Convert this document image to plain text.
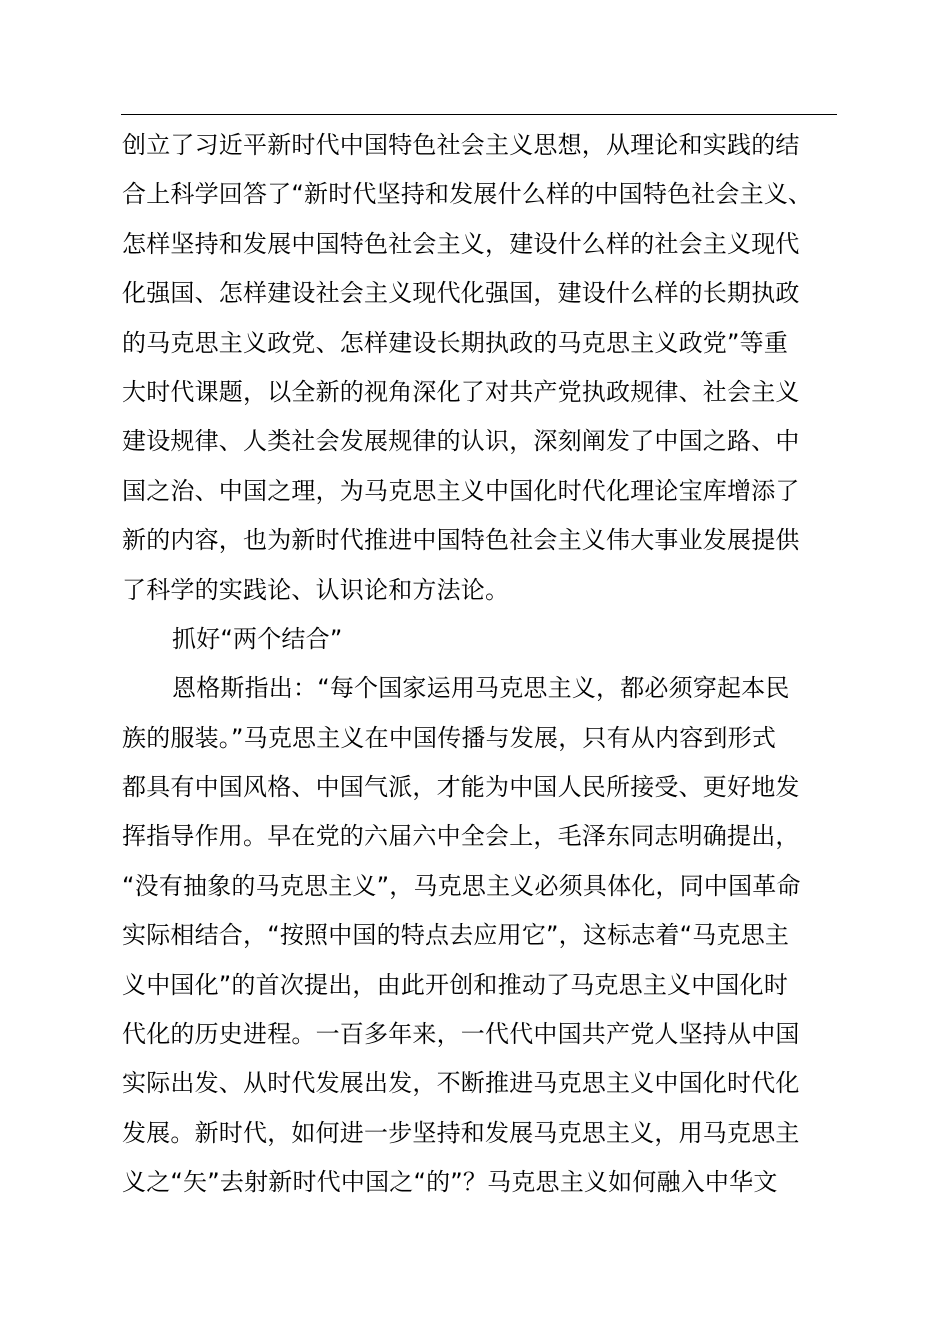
创立了习近平新时代中国特色社会主义思想，从理论和实践的结
合上科学回答了“新时代坚持和发展什么样的中国特色社会主义、
怎样坚持和发展中国特色社会主义，建设什么样的社会主义现代
化强国、怎样建设社会主义现代化强国，建设什么样的长期执政
的马克思主义政党、怎样建设长期执政的马克思主义政党”等重
大时代课题，以全新的视角深化了对共产党执政规律、社会主义
建设规律、人类社会发展规律的认识，深刻阐发了中国之路、中
国之治、中国之理，为马克思主义中国化时代化理论宝库增添了
新的内容，也为新时代推进中国特色社会主义伟大事业发展提供
了科学的实践论、认识论和方法论。
抓好“两个结合”
恩格斯指出：“每个国家运用马克思主义，都必须穿起本民
族的服装。”马克思主义在中国传播与发展，只有从内容到形式
都具有中国风格、中国气派，才能为中国人民所接受、更好地发
挥指导作用。早在党的六届六中全会上，毛泽东同志明确提出，
“没有抽象的马克思主义”，马克思主义必须具体化，同中国革命
实际相结合，“按照中国的特点去应用它”，这标志着“马克思主
义中国化”的首次提出，由此开创和推动了马克思主义中国化时
代化的历史进程。一百多年来，一代代中国共产党人坚持从中国
实际出发、从时代发展出发，不断推进马克思主义中国化时代化
发展。新时代，如何进一步坚持和发展马克思主义，用马克思主
义之“矢”去射新时代中国之“的”？马克思主义如何融入中华文
